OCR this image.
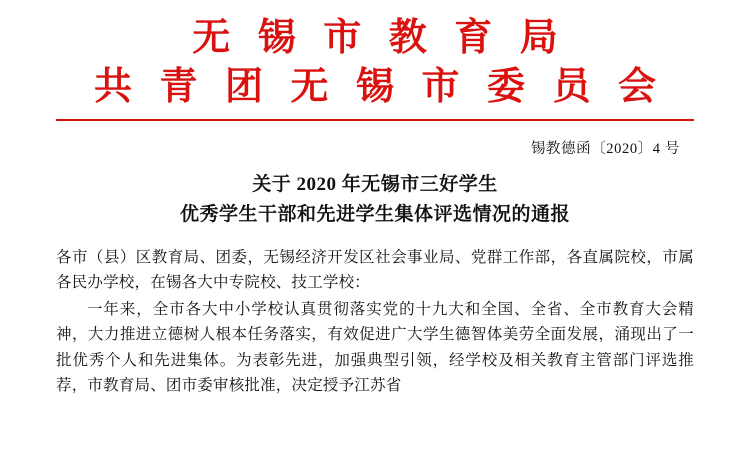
无 锡 市 教 育 局
共 青 团 无 锡 市 委 员 会
锡教德函〔2020〕4 号
关于 2020 年无锡市三好学生
优秀学生干部和先进学生集体评选情况的通报

各市（县）区教育局、团委，无锡经济开发区社会事业局、党群工作部，各直属院校，市属各民办学校，在锡各大中专院校、技工学校：

一年来，全市各大中小学校认真贯彻落实党的十九大和全国、全省、全市教育大会精神，大力推进立德树人根本任务落实，有效促进广大学生德智体美劳全面发展，涌现出了一批优秀个人和先进集体。为表彰先进，加强典型引领，经学校及相关教育主管部门评选推荐，市教育局、团市委审核批准，决定授予江苏省
